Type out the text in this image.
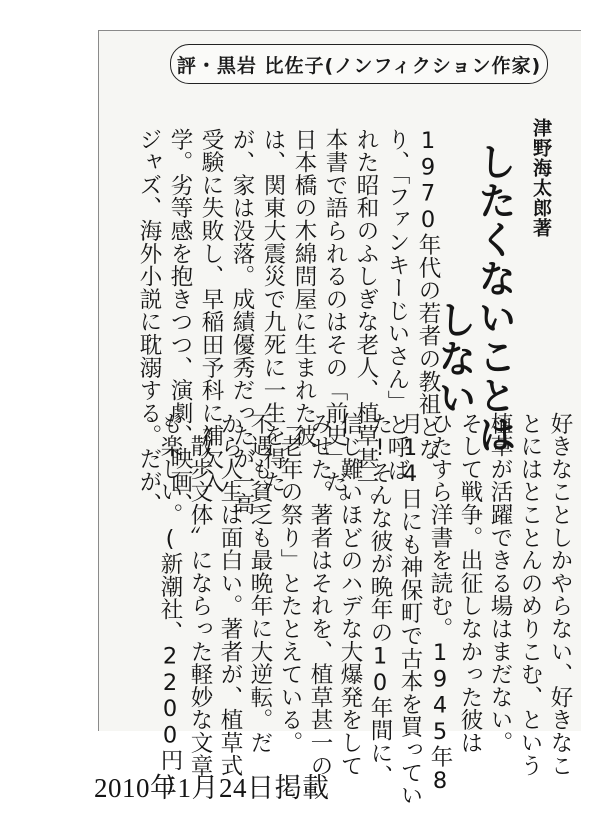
評・黒岩 比佐子(ノンフィクション作家)
津野海太郎著
したくないことは
しない
1970年代の若者の教祖とな
り、「ファンキーじいさん」と呼ば
れた昭和のふしぎな老人、植草甚一。
本書で語られるのはその「前史」だ。
日本橋の木綿問屋に生まれた彼
は、関東大震災で九死に一生を得た
が、家は没落。成績優秀だったが一高
受験に失敗し、早稲田予科に補欠入
学。劣等感を抱きつつ、演劇、映画、
ジャズ、海外小説に耽溺する。だが、
好きなことしかやらない、好きなこ
とにはとことんのめりこむ、という
植草が活躍できる場はまだない。
そして戦争。出征しなかった彼は
ひたすら洋書を読む。1945年8
月14日にも神保町で古本を買ってい
た!そんな彼が晩年の10年間に、
信じ難いほどのハデな大爆発をして
みせた。著者はそれを、植草甚一の
「老年の祭り」とたとえている。
不遇も貧乏も最晩年に大逆転。だ
から人生は面白い。著者が、植草式
〝散歩文体〟にならった軽妙な文章
も楽しい。(新潮社、2200円)
2010年1月24日掲載
